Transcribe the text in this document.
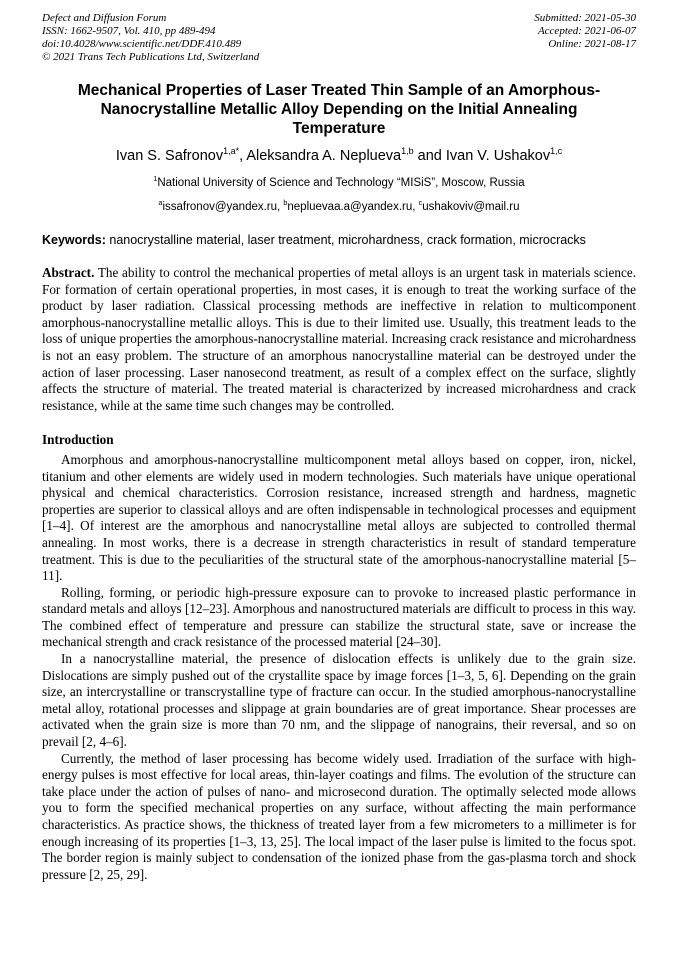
Defect and Diffusion Forum
ISSN: 1662-9507, Vol. 410, pp 489-494
doi:10.4028/www.scientific.net/DDF.410.489
© 2021 Trans Tech Publications Ltd, Switzerland
Submitted: 2021-05-30
Accepted: 2021-06-07
Online: 2021-08-17
Mechanical Properties of Laser Treated Thin Sample of an Amorphous-
Nanocrystalline Metallic Alloy Depending on the Initial Annealing
Temperature
Ivan S. Safronov$^{1,a*}$, Aleksandra A. Neplueva$^{1,b}$ and Ivan V. Ushakov$^{1,c}$
$^1$National University of Science and Technology “MISiS”, Moscow, Russia
$^a$issafronov@yandex.ru, $^b$nepluevaa.a@yandex.ru, $^c$ushakoviv@mail.ru
Keywords: nanocrystalline material, laser treatment, microhardness, crack formation, microcracks
Abstract. The ability to control the mechanical properties of metal alloys is an urgent task in materials science. For formation of certain operational properties, in most cases, it is enough to treat the working surface of the product by laser radiation. Classical processing methods are ineffective in relation to multicomponent amorphous-nanocrystalline metallic alloys. This is due to their limited use. Usually, this treatment leads to the loss of unique properties the amorphous-nanocrystalline material. Increasing crack resistance and microhardness is not an easy problem. The structure of an amorphous nanocrystalline material can be destroyed under the action of laser processing. Laser nanosecond treatment, as result of a complex effect on the surface, slightly affects the structure of material. The treated material is characterized by increased microhardness and crack resistance, while at the same time such changes may be controlled.
Introduction

Amorphous and amorphous-nanocrystalline multicomponent metal alloys based on copper, iron, nickel, titanium and other elements are widely used in modern technologies. Such materials have unique operational physical and chemical characteristics. Corrosion resistance, increased strength and hardness, magnetic properties are superior to classical alloys and are often indispensable in technological processes and equipment [1–4]. Of interest are the amorphous and nanocrystalline metal alloys are subjected to controlled thermal annealing. In most works, there is a decrease in strength characteristics in result of standard temperature treatment. This is due to the peculiarities of the structural state of the amorphous-nanocrystalline material [5–11].

Rolling, forming, or periodic high-pressure exposure can to provoke to increased plastic performance in standard metals and alloys [12–23]. Amorphous and nanostructured materials are difficult to process in this way. The combined effect of temperature and pressure can stabilize the structural state, save or increase the mechanical strength and crack resistance of the processed material [24–30].

In a nanocrystalline material, the presence of dislocation effects is unlikely due to the grain size. Dislocations are simply pushed out of the crystallite space by image forces [1–3, 5, 6]. Depending on the grain size, an intercrystalline or transcrystalline type of fracture can occur. In the studied amorphous-nanocrystalline metal alloy, rotational processes and slippage at grain boundaries are of great importance. Shear processes are activated when the grain size is more than 70 nm, and the slippage of nanograins, their reversal, and so on prevail [2, 4–6].

Currently, the method of laser processing has become widely used. Irradiation of the surface with high-energy pulses is most effective for local areas, thin-layer coatings and films. The evolution of the structure can take place under the action of pulses of nano- and microsecond duration. The optimally selected mode allows you to form the specified mechanical properties on any surface, without affecting the main performance characteristics. As practice shows, the thickness of treated layer from a few micrometers to a millimeter is for enough increasing of its properties [1–3, 13, 25]. The local impact of the laser pulse is limited to the focus spot. The border region is mainly subject to condensation of the ionized phase from the gas-plasma torch and shock pressure [2, 25, 29].
